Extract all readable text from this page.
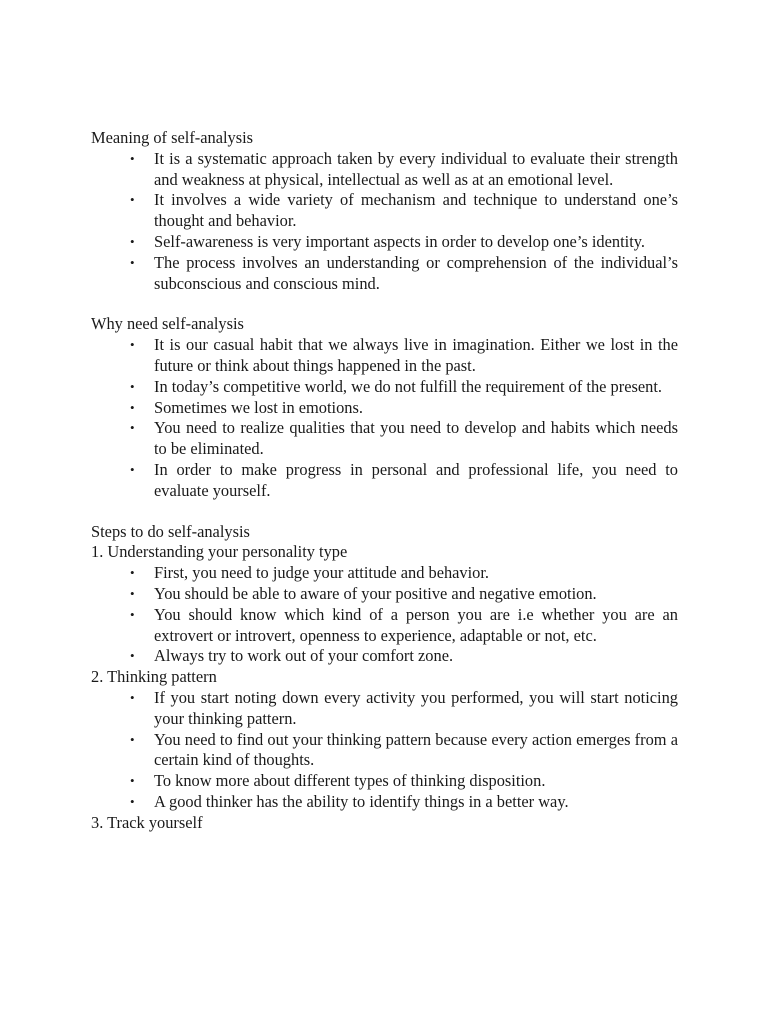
Meaning of self-analysis

• It is a systematic approach taken by every individual to evaluate their strength and weakness at physical, intellectual as well as at an emotional level.
• It involves a wide variety of mechanism and technique to understand one’s thought and behavior.
• Self-awareness is very important aspects in order to develop one’s identity.
• The process involves an understanding or comprehension of the individual’s subconscious and conscious mind.

Why need self-analysis

• It is our casual habit that we always live in imagination. Either we lost in the future or think about things happened in the past.
• In today’s competitive world, we do not fulfill the requirement of the present.
• Sometimes we lost in emotions.
• You need to realize qualities that you need to develop and habits which needs to be eliminated.
• In order to make progress in personal and professional life, you need to evaluate yourself.

Steps to do self-analysis

1. Understanding your personality type

• First, you need to judge your attitude and behavior.
• You should be able to aware of your positive and negative emotion.
• You should know which kind of a person you are i.e whether you are an extrovert or introvert, openness to experience, adaptable or not, etc.
• Always try to work out of your comfort zone.

2. Thinking pattern

• If you start noting down every activity you performed, you will start noticing your thinking pattern.
• You need to find out your thinking pattern because every action emerges from a certain kind of thoughts.
• To know more about different types of thinking disposition.
• A good thinker has the ability to identify things in a better way.

3. Track yourself
